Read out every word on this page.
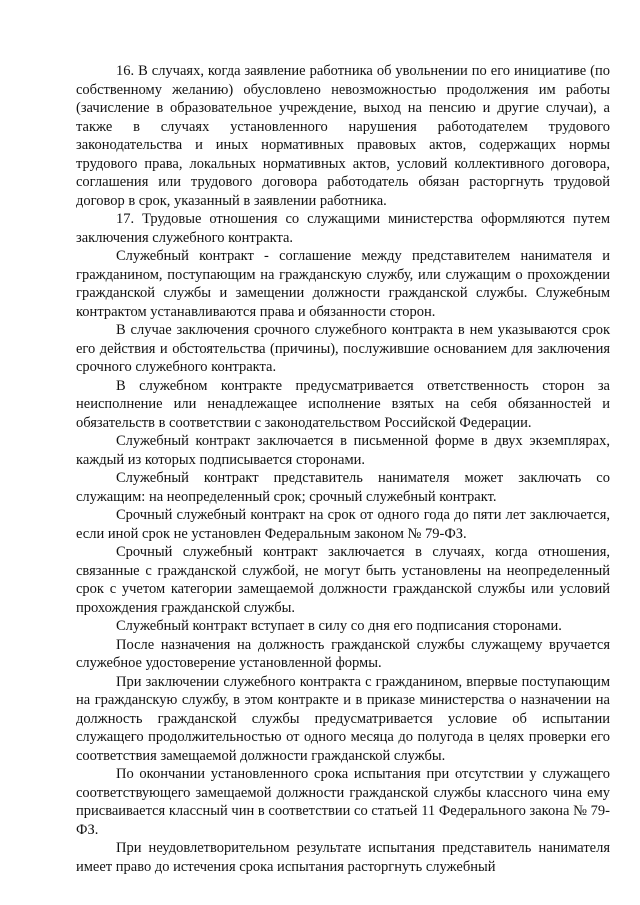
16. В случаях, когда заявление работника об увольнении по его инициативе (по собственному желанию) обусловлено невозможностью продолжения им работы (зачисление в образовательное учреждение, выход на пенсию и другие случаи), а также в случаях установленного нарушения работодателем трудового законодательства и иных нормативных правовых актов, содержащих нормы трудового права, локальных нормативных актов, условий коллективного договора, соглашения или трудового договора работодатель обязан расторгнуть трудовой договор в срок, указанный в заявлении работника.

17. Трудовые отношения со служащими министерства оформляются путем заключения служебного контракта.

Служебный контракт - соглашение между представителем нанимателя и гражданином, поступающим на гражданскую службу, или служащим о прохождении гражданской службы и замещении должности гражданской службы. Служебным контрактом устанавливаются права и обязанности сторон.

В случае заключения срочного служебного контракта в нем указываются срок его действия и обстоятельства (причины), послужившие основанием для заключения срочного служебного контракта.

В служебном контракте предусматривается ответственность сторон за неисполнение или ненадлежащее исполнение взятых на себя обязанностей и обязательств в соответствии с законодательством Российской Федерации.

Служебный контракт заключается в письменной форме в двух экземплярах, каждый из которых подписывается сторонами.

Служебный контракт представитель нанимателя может заключать со служащим: на неопределенный срок; срочный служебный контракт.

Срочный служебный контракт на срок от одного года до пяти лет заключается, если иной срок не установлен Федеральным законом № 79-ФЗ.

Срочный служебный контракт заключается в случаях, когда отношения, связанные с гражданской службой, не могут быть установлены на неопределенный срок с учетом категории замещаемой должности гражданской службы или условий прохождения гражданской службы.

Служебный контракт вступает в силу со дня его подписания сторонами.

После назначения на должность гражданской службы служащему вручается служебное удостоверение установленной формы.

При заключении служебного контракта с гражданином, впервые поступающим на гражданскую службу, в этом контракте и в приказе министерства о назначении на должность гражданской службы предусматривается условие об испытании служащего продолжительностью от одного месяца до полугода в целях проверки его соответствия замещаемой должности гражданской службы.

По окончании установленного срока испытания при отсутствии у служащего соответствующего замещаемой должности гражданской службы классного чина ему присваивается классный чин в соответствии со статьей 11 Федерального закона № 79-ФЗ.

При неудовлетворительном результате испытания представитель нанимателя имеет право до истечения срока испытания расторгнуть служебный
